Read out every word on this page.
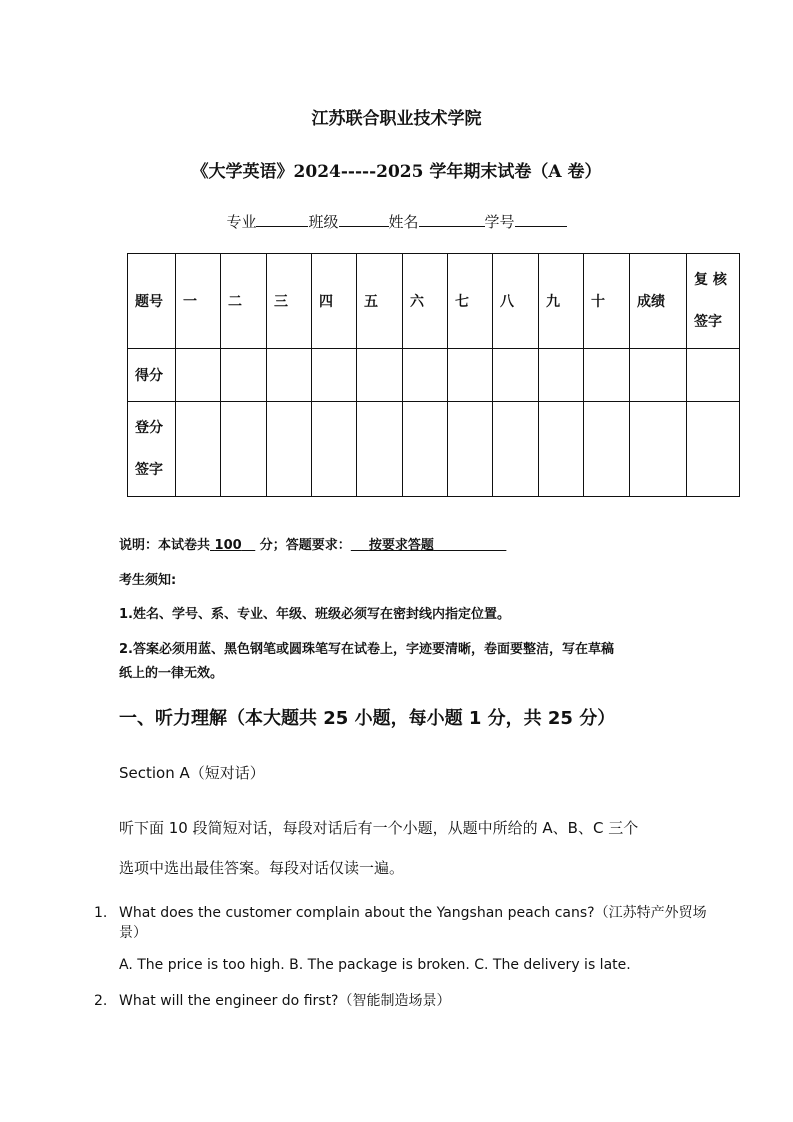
江苏联合职业技术学院
《大学英语》2024-----2025 学年期末试卷（A 卷）
专业	班级	姓名	学号
题号	一	二	三	四	五	六	七	八	九	十	成绩	复 核
签字

得分												

登分
签字												

说明：本试卷共 100 分；答题要求： 按要求答题
考生须知:
1.姓名、学号、系、专业、年级、班级必须写在密封线内指定位置。
2.答案必须用蓝、黑色钢笔或圆珠笔写在试卷上，字迹要清晰，卷面要整洁，写在草稿
纸上的一律无效。
一、听力理解（本大题共 25 小题，每小题 1 分，共 25 分）
Section A（短对话）
听下面 10 段简短对话，每段对话后有一个小题，从题中所给的 A、B、C 三个
选项中选出最佳答案。每段对话仅读一遍。
1. What does the customer complain about the Yangshan peach cans?（江苏特产外贸场
景）
A. The price is too high. B. The package is broken. C. The delivery is late.
2. What will the engineer do first?（智能制造场景）
